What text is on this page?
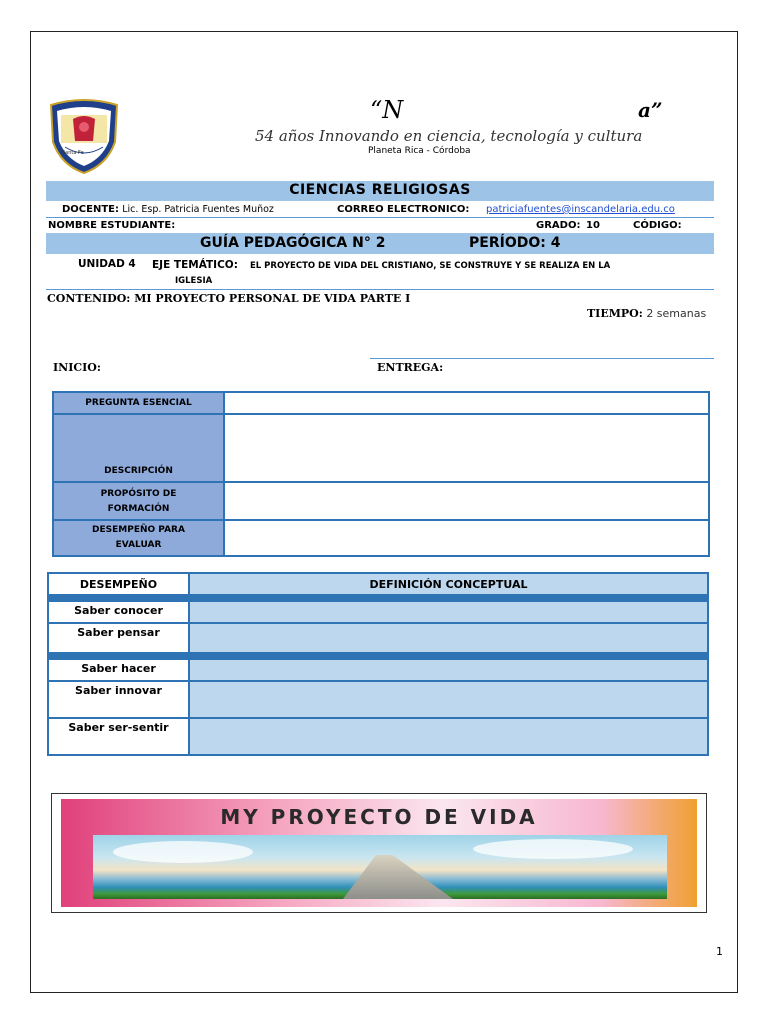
Santa Fe
“N	a”
54 años Innovando en ciencia, tecnología y cultura
Planeta Rica - Córdoba
CIENCIAS RELIGIOSAS
DOCENTE: Lic. Esp. Patricia Fuentes Muñoz	CORREO ELECTRONICO: patriciafuentes@inscandelaria.edu.co
NOMBRE ESTUDIANTE:	GRADO: 10	CÓDIGO:
GUÍA PEDAGÓGICA N° 2	PERÍODO: 4
UNIDAD 4 EJE TEMÁTICO: EL PROYECTO DE VIDA DEL CRISTIANO, SE CONSTRUYE Y SE REALIZA EN LA
IGLESIA
CONTENIDO: MI PROYECTO PERSONAL DE VIDA PARTE I
TIEMPO: 2 semanas
INICIO:	ENTREGA:
PREGUNTA ESENCIAL	
DESCRIPCIÓN	

PROPÓSITO DE
FORMACIÓN	

DESEMPEÑO PARA
EVALUAR	

DESEMPEÑO	DEFINICIÓN CONCEPTUAL

Saber conocer	
Saber pensar	

Saber hacer	
Saber innovar	
Saber ser-sentir	
MY PROYECTO DE VIDA
1
